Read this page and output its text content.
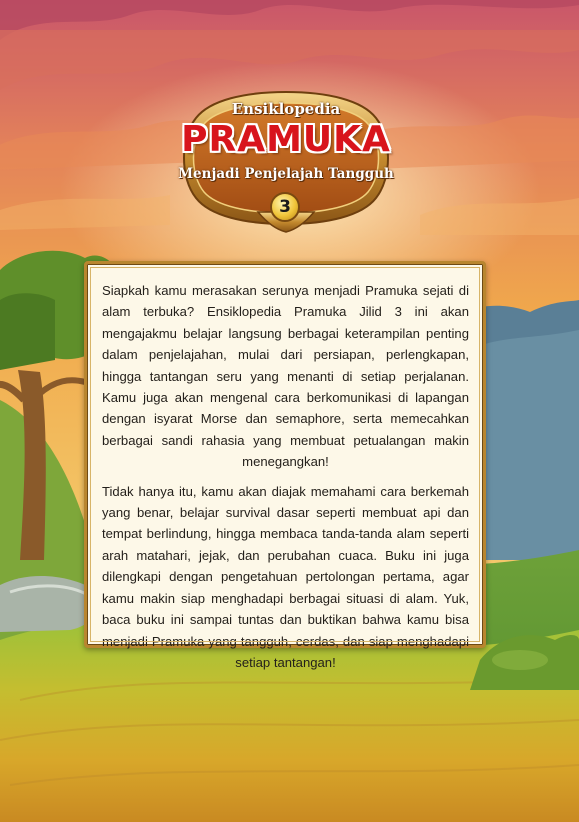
Ensiklopedia
PRAMUKA
Menjadi Penjelajah Tangguh
3

Siapkah kamu merasakan serunya menjadi Pramuka sejati di alam terbuka? Ensiklopedia Pramuka Jilid 3 ini akan mengajakmu belajar langsung berbagai keterampilan penting dalam penjelajahan, mulai dari persiapan, perlengkapan, hingga tantangan seru yang menanti di setiap perjalanan. Kamu juga akan mengenal cara berkomunikasi di lapangan dengan isyarat Morse dan semaphore, serta memecahkan berbagai sandi rahasia yang membuat petualangan makin menegangkan!

Tidak hanya itu, kamu akan diajak memahami cara berkemah yang benar, belajar survival dasar seperti membuat api dan tempat berlindung, hingga membaca tanda-tanda alam seperti arah matahari, jejak, dan perubahan cuaca. Buku ini juga dilengkapi dengan pengetahuan pertolongan pertama, agar kamu makin siap menghadapi berbagai situasi di alam. Yuk, baca buku ini sampai tuntas dan buktikan bahwa kamu bisa menjadi Pramuka yang tangguh, cerdas, dan siap menghadapi setiap tantangan!
